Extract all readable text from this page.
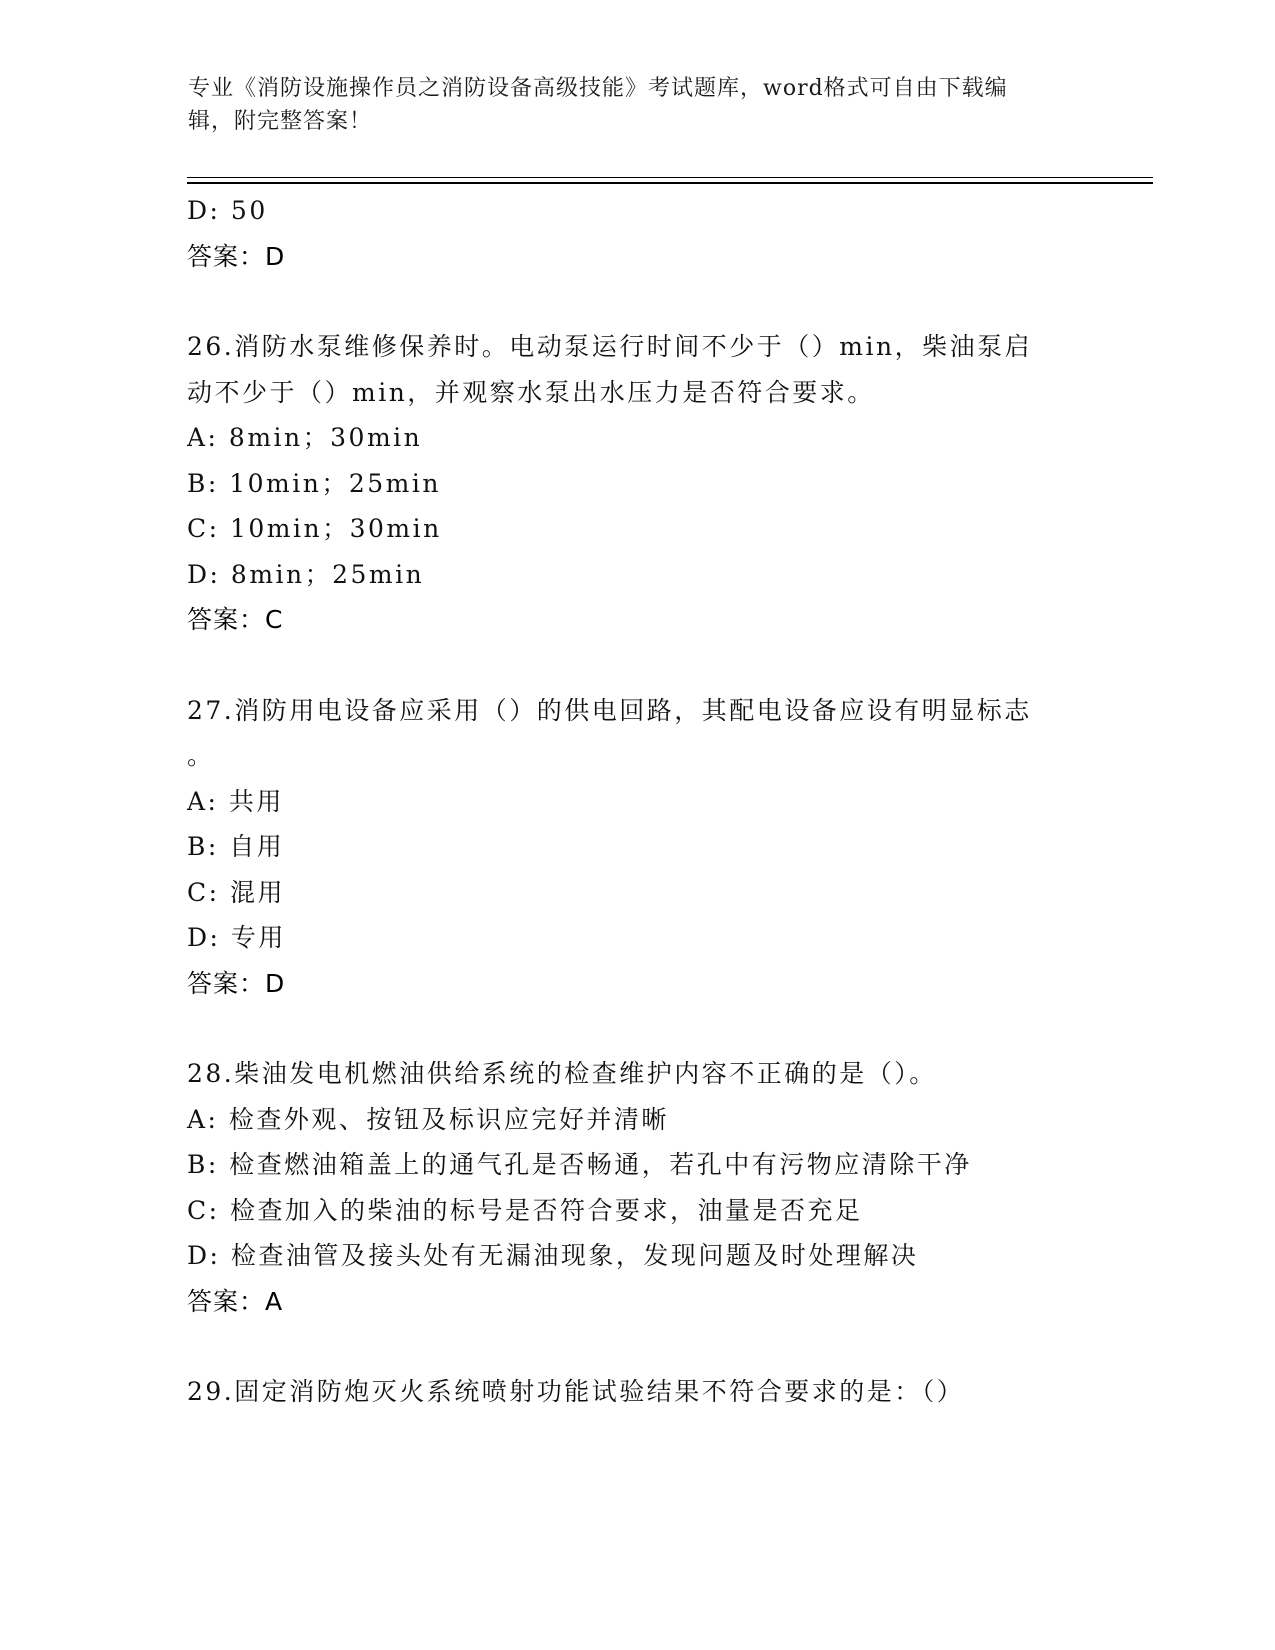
专业《消防设施操作员之消防设备高级技能》考试题库，word格式可自由下载编
辑，附完整答案！
D: 50
答案：D
26.消防水泵维修保养时。电动泵运行时间不少于（）min，柴油泵启
动不少于（）min，并观察水泵出水压力是否符合要求。
A: 8min；30min
B: 10min；25min
C: 10min；30min
D: 8min；25min
答案：C
27.消防用电设备应采用（）的供电回路，其配电设备应设有明显标志
。
A: 共用
B: 自用
C: 混用
D: 专用
答案：D
28.柴油发电机燃油供给系统的检查维护内容不正确的是（）。
A: 检查外观、按钮及标识应完好并清晰
B: 检查燃油箱盖上的通气孔是否畅通，若孔中有污物应清除干净
C: 检查加入的柴油的标号是否符合要求，油量是否充足
D: 检查油管及接头处有无漏油现象，发现问题及时处理解决
答案：A
29.固定消防炮灭火系统喷射功能试验结果不符合要求的是：（）
